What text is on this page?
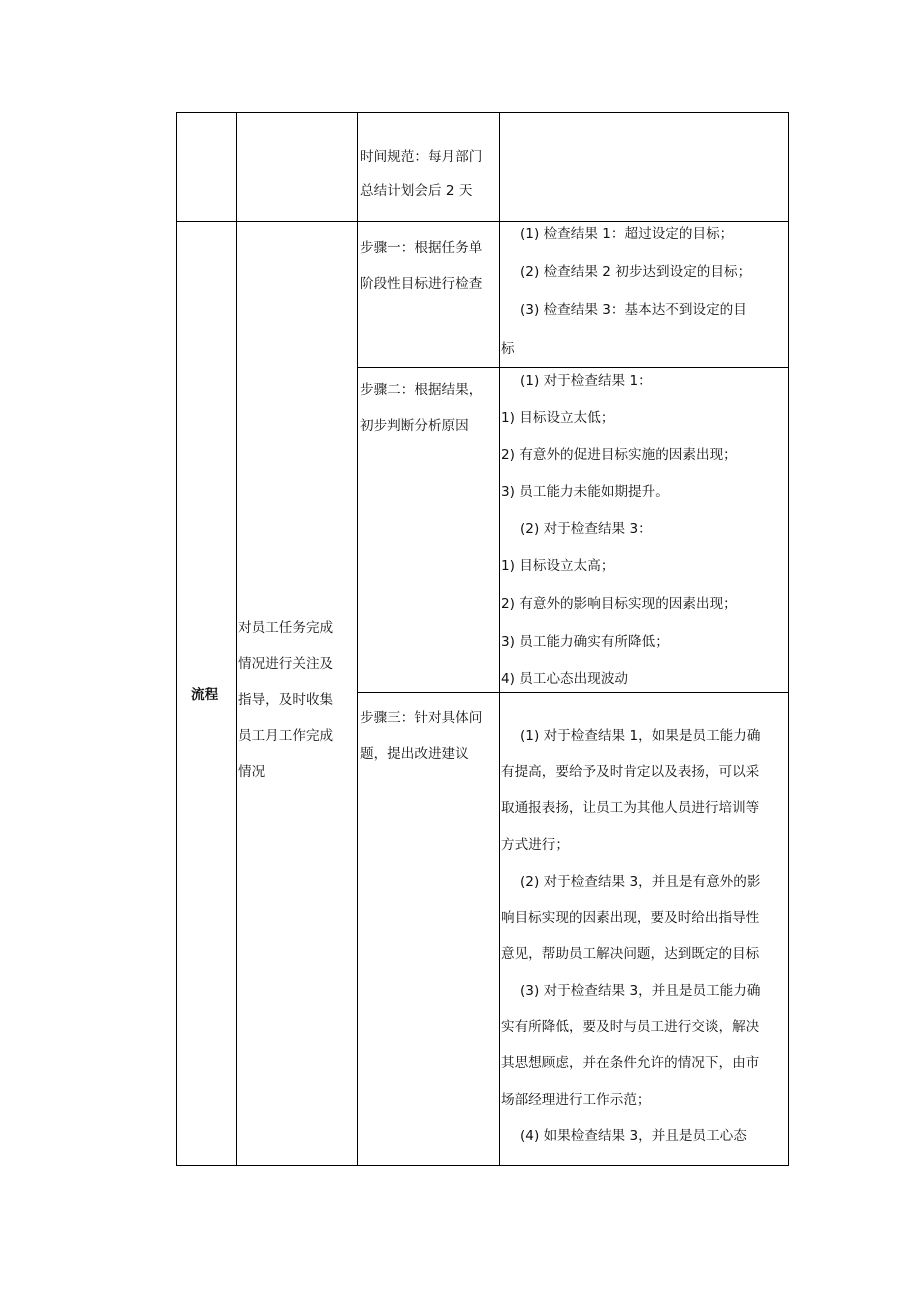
时间规范：每月部门
总结计划会后 2 天
流程
对员工任务完成
情况进行关注及
指导，及时收集
员工月工作完成
情况
步骤一：根据任务单
阶段性目标进行检查
(1) 检查结果 1：超过设定的目标；
(2) 检查结果 2 初步达到设定的目标；
(3) 检查结果 3：基本达不到设定的目
标
步骤二：根据结果，
初步判断分析原因
(1) 对于检查结果 1：
1) 目标设立太低；
2) 有意外的促进目标实施的因素出现；
3) 员工能力未能如期提升。
(2) 对于检查结果 3：
1) 目标设立太高；
2) 有意外的影响目标实现的因素出现；
3) 员工能力确实有所降低；
4) 员工心态出现波动
步骤三：针对具体问
题，提出改进建议
(1) 对于检查结果 1，如果是员工能力确
有提高，要给予及时肯定以及表扬，可以采
取通报表扬，让员工为其他人员进行培训等
方式进行；
(2) 对于检查结果 3，并且是有意外的影
响目标实现的因素出现，要及时给出指导性
意见，帮助员工解决问题，达到既定的目标
(3) 对于检查结果 3，并且是员工能力确
实有所降低，要及时与员工进行交谈，解决
其思想顾虑，并在条件允许的情况下，由市
场部经理进行工作示范；
(4) 如果检查结果 3，并且是员工心态
